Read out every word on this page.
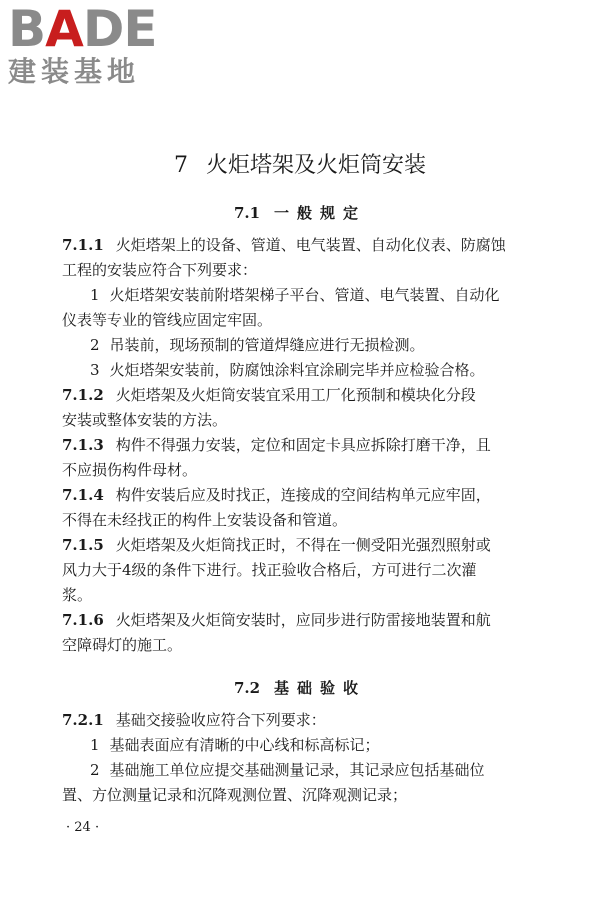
BADE
建装基地
7 火炬塔架及火炬筒安装
7.1 一般规定
7.1.1 火炬塔架上的设备、管道、电气装置、自动化仪表、防腐蚀
工程的安装应符合下列要求：
1 火炬塔架安装前附塔架梯子平台、管道、电气装置、自动化
仪表等专业的管线应固定牢固。
2 吊装前，现场预制的管道焊缝应进行无损检测。
3 火炬塔架安装前，防腐蚀涂料宜涂刷完毕并应检验合格。
7.1.2 火炬塔架及火炬筒安装宜采用工厂化预制和模块化分段
安装或整体安装的方法。
7.1.3 构件不得强力安装，定位和固定卡具应拆除打磨干净，且
不应损伤构件母材。
7.1.4 构件安装后应及时找正，连接成的空间结构单元应牢固，
不得在未经找正的构件上安装设备和管道。
7.1.5 火炬塔架及火炬筒找正时，不得在一侧受阳光强烈照射或
风力大于4级的条件下进行。找正验收合格后，方可进行二次灌
浆。
7.1.6 火炬塔架及火炬筒安装时，应同步进行防雷接地装置和航
空障碍灯的施工。
7.2 基础验收
7.2.1 基础交接验收应符合下列要求：
1 基础表面应有清晰的中心线和标高标记；
2 基础施工单位应提交基础测量记录，其记录应包括基础位
置、方位测量记录和沉降观测位置、沉降观测记录；
· 24 ·
